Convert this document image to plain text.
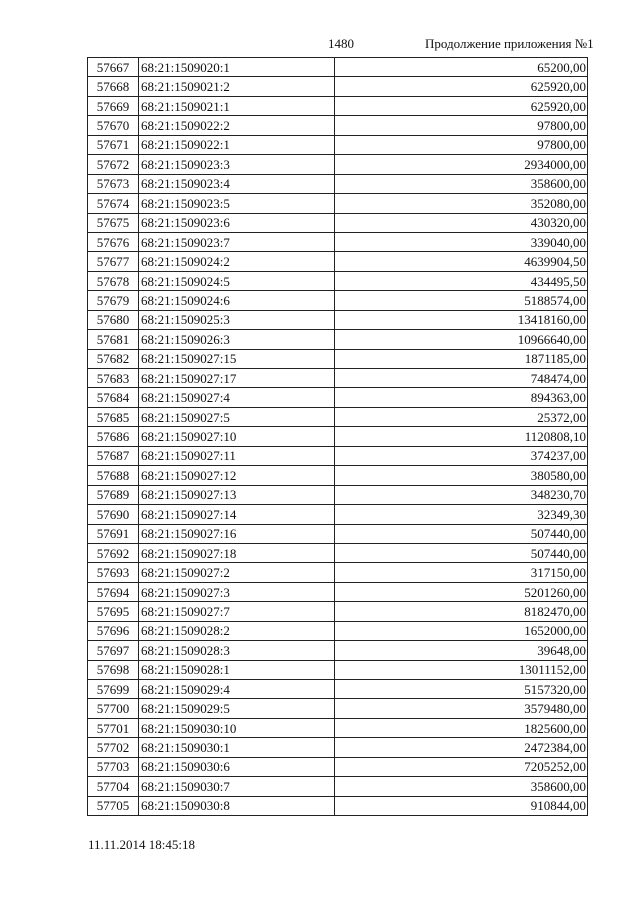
1480	Продолжение приложения №1
57667	68:21:1509020:1	65200,00
57668	68:21:1509021:2	625920,00
57669	68:21:1509021:1	625920,00
57670	68:21:1509022:2	97800,00
57671	68:21:1509022:1	97800,00
57672	68:21:1509023:3	2934000,00
57673	68:21:1509023:4	358600,00
57674	68:21:1509023:5	352080,00
57675	68:21:1509023:6	430320,00
57676	68:21:1509023:7	339040,00
57677	68:21:1509024:2	4639904,50
57678	68:21:1509024:5	434495,50
57679	68:21:1509024:6	5188574,00
57680	68:21:1509025:3	13418160,00
57681	68:21:1509026:3	10966640,00
57682	68:21:1509027:15	1871185,00
57683	68:21:1509027:17	748474,00
57684	68:21:1509027:4	894363,00
57685	68:21:1509027:5	25372,00
57686	68:21:1509027:10	1120808,10
57687	68:21:1509027:11	374237,00
57688	68:21:1509027:12	380580,00
57689	68:21:1509027:13	348230,70
57690	68:21:1509027:14	32349,30
57691	68:21:1509027:16	507440,00
57692	68:21:1509027:18	507440,00
57693	68:21:1509027:2	317150,00
57694	68:21:1509027:3	5201260,00
57695	68:21:1509027:7	8182470,00
57696	68:21:1509028:2	1652000,00
57697	68:21:1509028:3	39648,00
57698	68:21:1509028:1	13011152,00
57699	68:21:1509029:4	5157320,00
57700	68:21:1509029:5	3579480,00
57701	68:21:1509030:10	1825600,00
57702	68:21:1509030:1	2472384,00
57703	68:21:1509030:6	7205252,00
57704	68:21:1509030:7	358600,00
57705	68:21:1509030:8	910844,00
11.11.2014 18:45:18
